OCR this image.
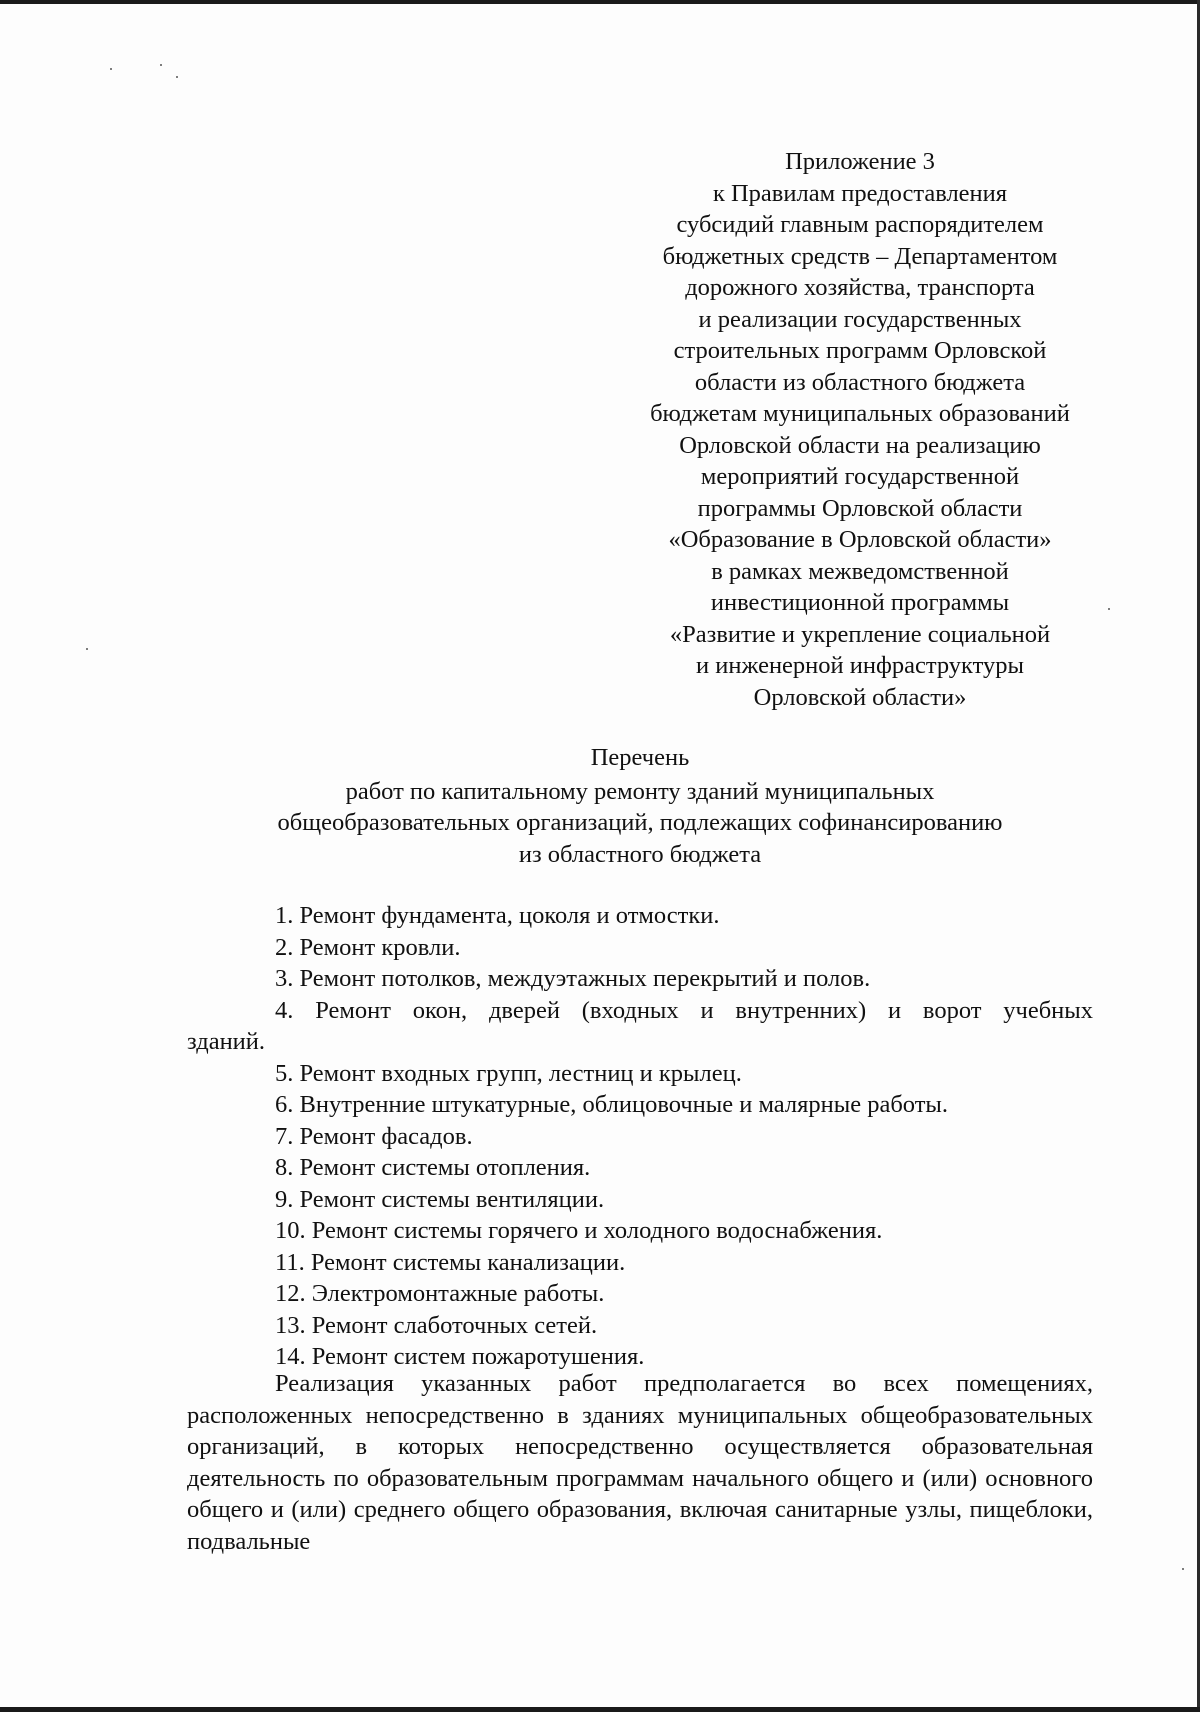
Приложение 3
к Правилам предоставления
субсидий главным распорядителем
бюджетных средств – Департаментом
дорожного хозяйства, транспорта
и реализации государственных
строительных программ Орловской
области из областного бюджета
бюджетам муниципальных образований
Орловской области на реализацию
мероприятий государственной
программы Орловской области
«Образование в Орловской области»
в рамках межведомственной
инвестиционной программы
«Развитие и укрепление социальной
и инженерной инфраструктуры
Орловской области»
Перечень
работ по капитальному ремонту зданий муниципальных
общеобразовательных организаций, подлежащих софинансированию
из областного бюджета
1. Ремонт фундамента, цоколя и отмостки.
2. Ремонт кровли.
3. Ремонт потолков, междуэтажных перекрытий и полов.
4. Ремонт окон, дверей (входных и внутренних) и ворот учебных зданий.
5. Ремонт входных групп, лестниц и крылец.
6. Внутренние штукатурные, облицовочные и малярные работы.
7. Ремонт фасадов.
8. Ремонт системы отопления.
9. Ремонт системы вентиляции.
10. Ремонт системы горячего и холодного водоснабжения.
11. Ремонт системы канализации.
12. Электромонтажные работы.
13. Ремонт слаботочных сетей.
14. Ремонт систем пожаротушения.
Реализация указанных работ предполагается во всех помещениях, расположенных непосредственно в зданиях муниципальных общеобразовательных организаций, в которых непосредственно осуществляется образовательная деятельность по образовательным программам начального общего и (или) основного общего и (или) среднего общего образования, включая санитарные узлы, пищеблоки, подвальные
